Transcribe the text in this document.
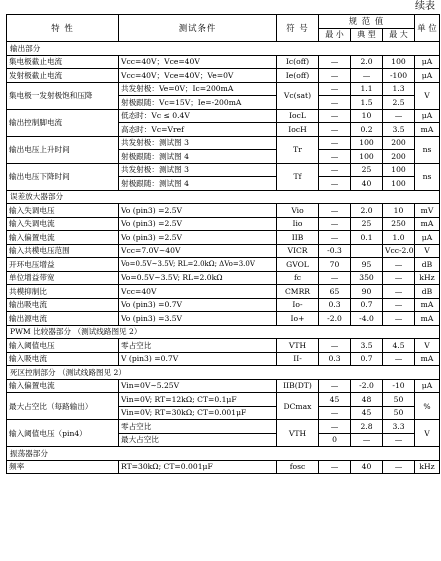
续表
特 性	测试条件	符 号	规 范 值			单 位
			最 小	典 型	最 大	
输出部分						
集电极截止电流	Vcc=40V；Vce=40V	Ic(off)	—	2.0	100	μA
发射极截止电流	Vcc=40V；Vce=40V；Ve=0V	Ie(off)	—	—	-100	μA
集电极一发射极饱和压降	共发射极：Ve=0V；Ic=200mA	Vc(sat)	—	1.1	1.3	V
	射极跟随：Vc=15V；Ie=-200mA		—	1.5	2.5	
输出控制脚电流	低态时：Vc ≤ 0.4V	IocL	—	10	—	μA
	高态时：Vc=Vref	IocH	—	0.2	3.5	mA
输出电压上升时间	共发射极：测试图 3	Tr	—	100	200	ns
	射极跟随：测试图 4		—	100	200	
输出电压下降时间	共发射极：测试图 3	Tf	—	25	100	ns
	射极跟随：测试图 4		—	40	100	
误差放大器部分						
输入失调电压	Vo (pin3) =2.5V	Vio	—	2.0	10	mV
输入失调电流	Vo (pin3) =2.5V	Iio	—	25	250	mA
输入偏置电流	Vo (pin3) =2.5V	IIB	—	0.1	1.0	μA
输入共模电压范围	Vcc=7.0V~40V	VICR	-0.3		Vcc-2.0	V
开环电压增益	Vo=0.5V~3.5V; RL=2.0kΩ; ΔVo=3.0V	GVOL	70	95	—	dB
单位增益带宽	Vo=0.5V~3.5V; RL=2.0kΩ	fc	—	350	—	kHz
共模抑制比	Vcc=40V	CMRR	65	90	—	dB
输出吸电流	Vo (pin3) =0.7V	Io-	0.3	0.7	—	mA
输出源电流	Vo (pin3) =3.5V	Io+	-2.0	-4.0	—	mA
PWM 比较器部分 （测试线路图见 2）						
输入阈值电压	零占空比	VTH	—	3.5	4.5	V
输入吸电流	V (pin3) =0.7V	II-	0.3	0.7	—	mA
死区控制部分 （测试线路图见 2）						
输入偏置电流	Vin=0V~5.25V	IIB(DT)	—	-2.0	-10	μA
最大占空比（每路输出）	Vin=0V; RT=12kΩ; CT=0.1μF	DCmax	45	48	50	%
	Vin=0V; RT=30kΩ; CT=0.001μF		—	45	50	
输入阈值电压（pin4）	零占空比	VTH	—	2.8	3.3	V
	最大占空比		0	—	—	
振荡器部分						
频率	RT=30kΩ; CT=0.001μF	fosc	—	40	—	kHz
